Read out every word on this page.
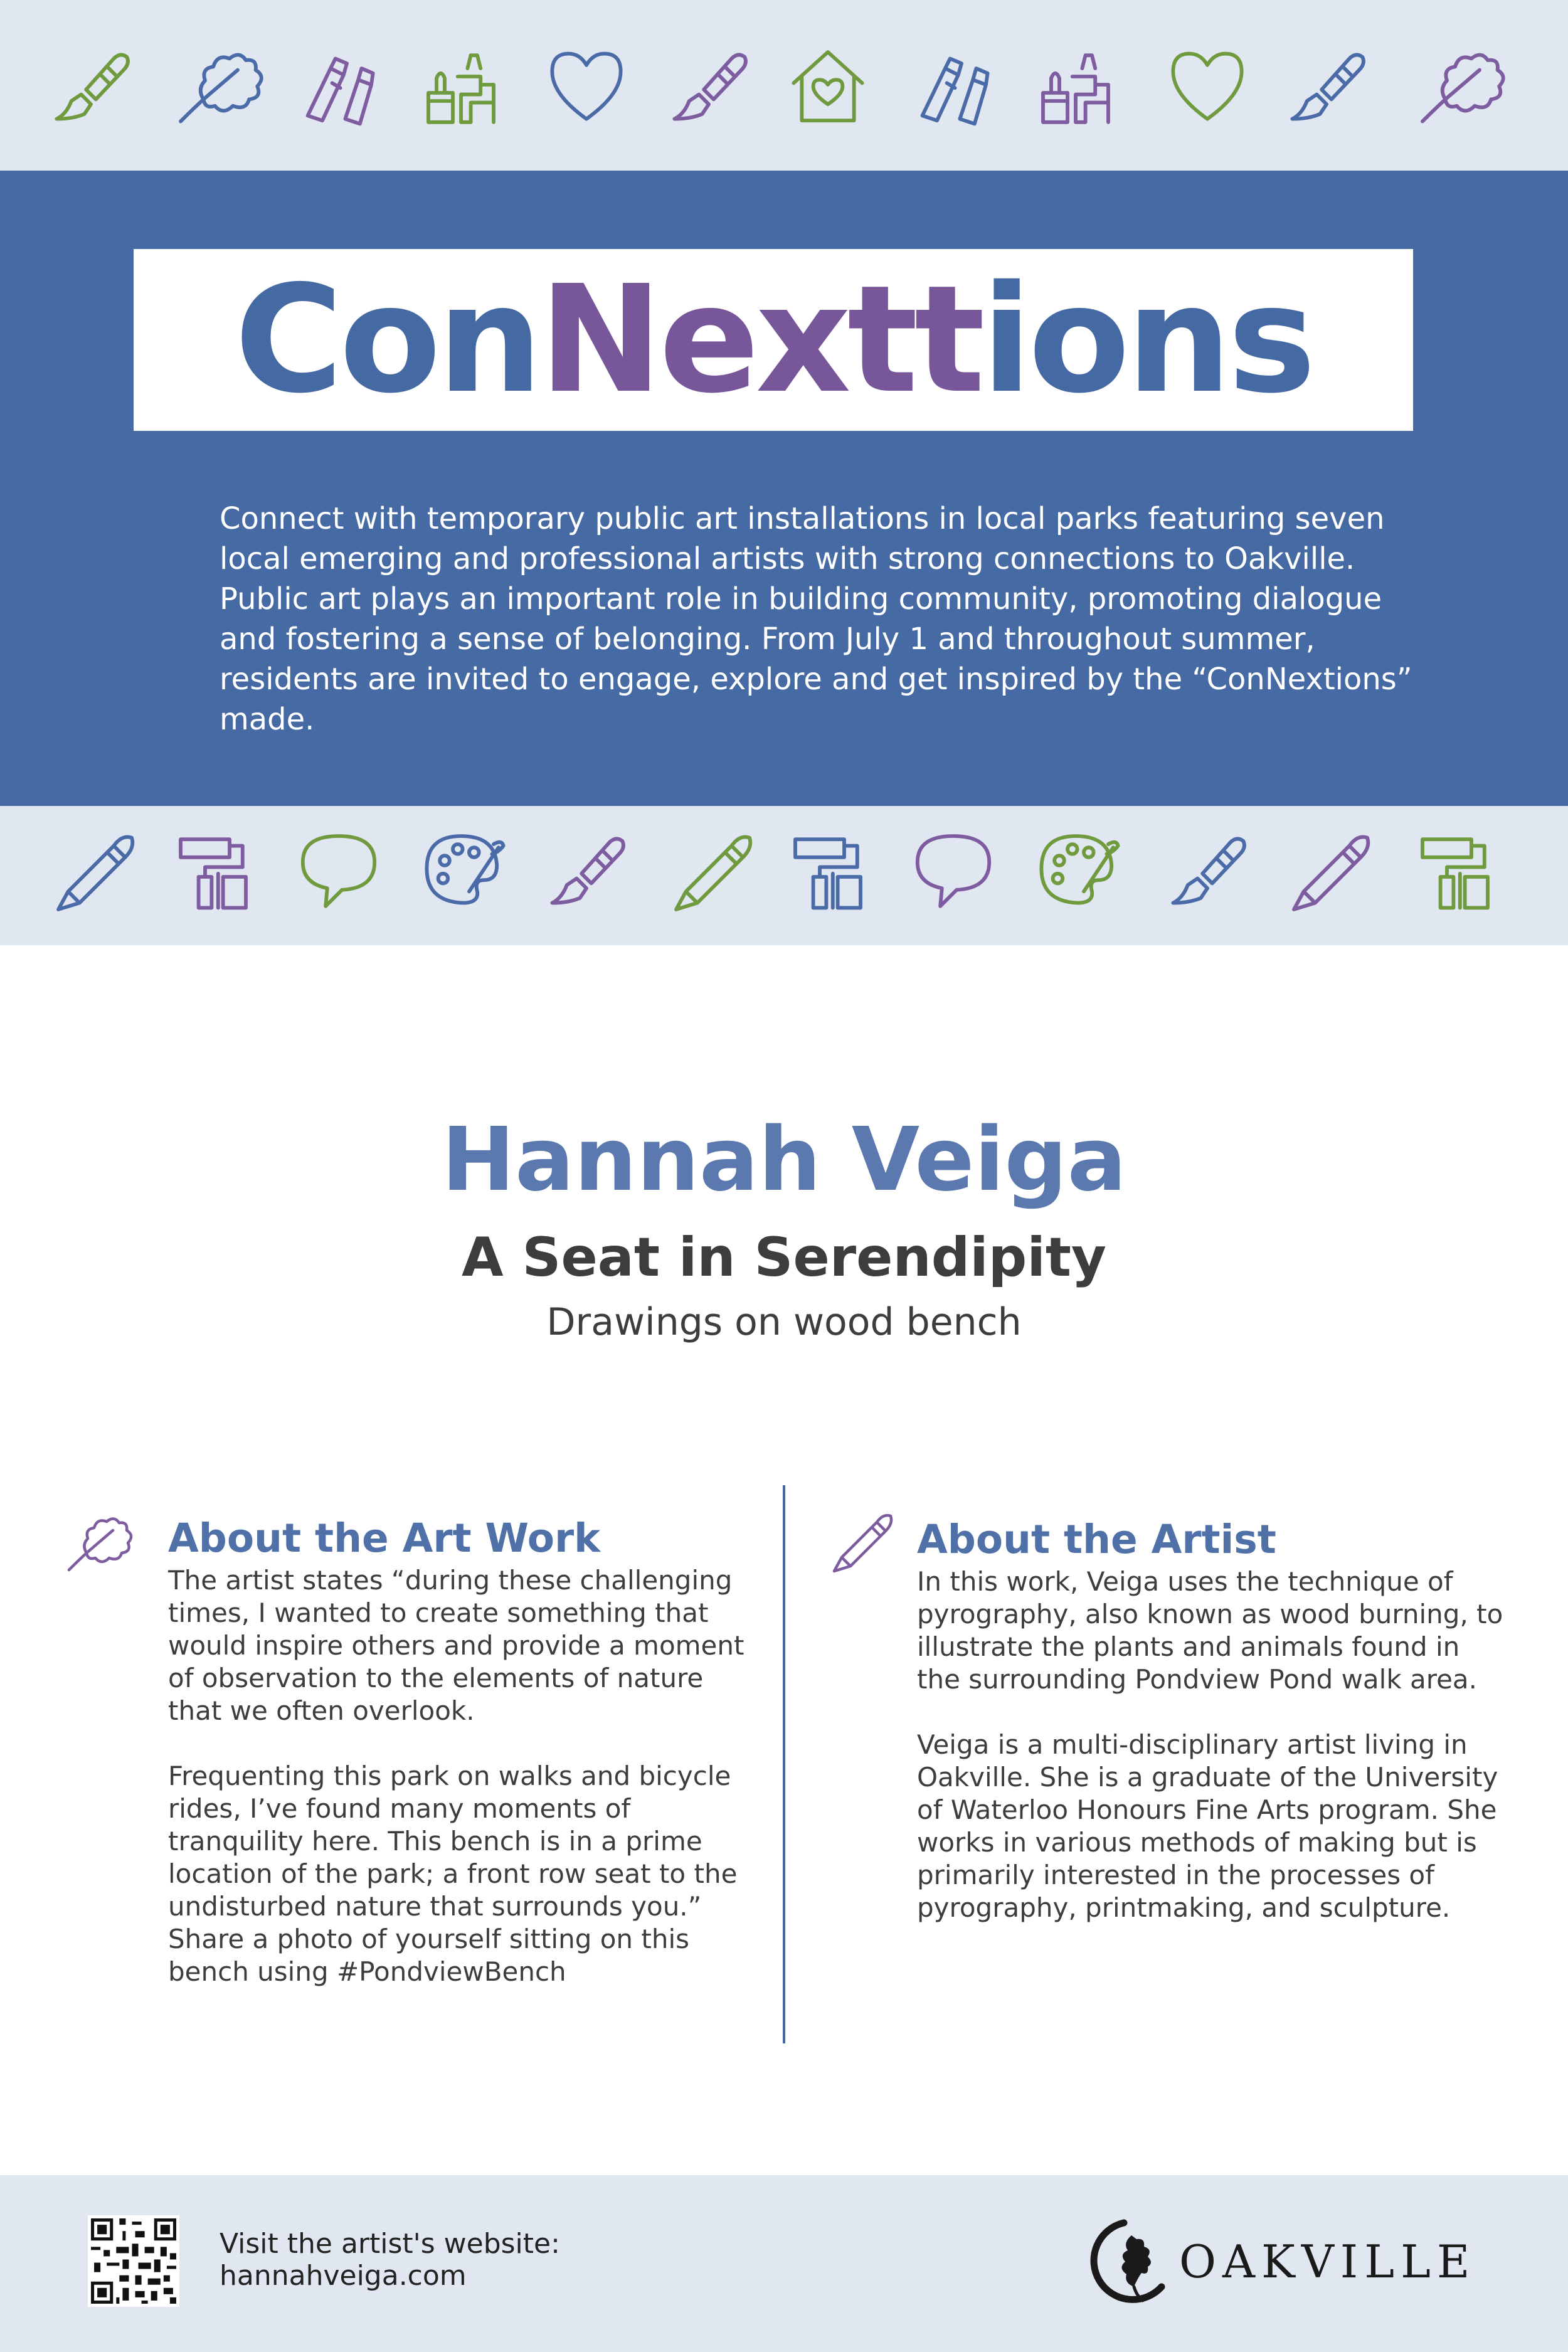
ConNexttions

Connect with temporary public art installations in local parks featuring seven local emerging and professional artists with strong connections to Oakville. Public art plays an important role in building community, promoting dialogue and fostering a sense of belonging. From July 1 and throughout summer, residents are invited to engage, explore and get inspired by the “ConNextions” made.

Hannah Veiga
A Seat in Serendipity

Drawings on wood bench

About the Art Work

The artist states “during these challenging times, I wanted to create something that would inspire others and provide a moment of observation to the elements of nature that we often overlook.

Frequenting this park on walks and bicycle rides, I’ve found many moments of tranquility here. This bench is in a prime location of the park; a front row seat to the undisturbed nature that surrounds you.” Share a photo of yourself sitting on this bench using #PondviewBench

About the Artist

In this work, Veiga uses the technique of pyrography, also known as wood burning, to illustrate the plants and animals found in the surrounding Pondview Pond walk area.

Veiga is a multi-disciplinary artist living in Oakville. She is a graduate of the University of Waterloo Honours Fine Arts program. She works in various methods of making but is primarily interested in the processes of pyrography, printmaking, and sculpture.

Visit the artist's website:

hannahveiga.com	OAKVILLE
